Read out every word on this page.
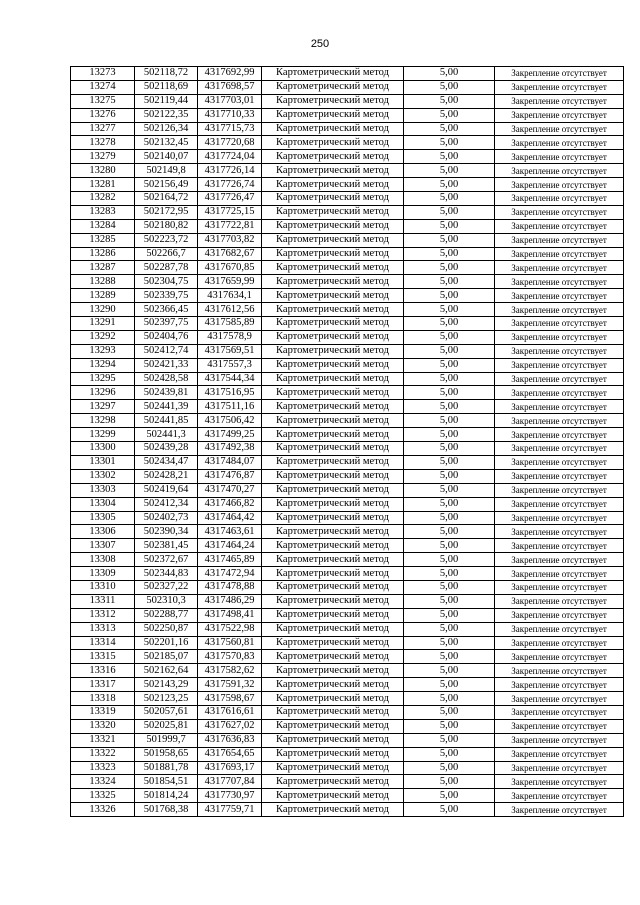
250
13273	502118,72	4317692,99	Картометрический метод	5,00	Закрепление отсутствует
13274	502118,69	4317698,57	Картометрический метод	5,00	Закрепление отсутствует
13275	502119,44	4317703,01	Картометрический метод	5,00	Закрепление отсутствует
13276	502122,35	4317710,33	Картометрический метод	5,00	Закрепление отсутствует
13277	502126,34	4317715,73	Картометрический метод	5,00	Закрепление отсутствует
13278	502132,45	4317720,68	Картометрический метод	5,00	Закрепление отсутствует
13279	502140,07	4317724,04	Картометрический метод	5,00	Закрепление отсутствует
13280	502149,8	4317726,14	Картометрический метод	5,00	Закрепление отсутствует
13281	502156,49	4317726,74	Картометрический метод	5,00	Закрепление отсутствует
13282	502164,72	4317726,47	Картометрический метод	5,00	Закрепление отсутствует
13283	502172,95	4317725,15	Картометрический метод	5,00	Закрепление отсутствует
13284	502180,82	4317722,81	Картометрический метод	5,00	Закрепление отсутствует
13285	502223,72	4317703,82	Картометрический метод	5,00	Закрепление отсутствует
13286	502266,7	4317682,67	Картометрический метод	5,00	Закрепление отсутствует
13287	502287,78	4317670,85	Картометрический метод	5,00	Закрепление отсутствует
13288	502304,75	4317659,99	Картометрический метод	5,00	Закрепление отсутствует
13289	502339,75	4317634,1	Картометрический метод	5,00	Закрепление отсутствует
13290	502366,45	4317612,56	Картометрический метод	5,00	Закрепление отсутствует
13291	502397,75	4317585,89	Картометрический метод	5,00	Закрепление отсутствует
13292	502404,76	4317578,9	Картометрический метод	5,00	Закрепление отсутствует
13293	502412,74	4317569,51	Картометрический метод	5,00	Закрепление отсутствует
13294	502421,33	4317557,3	Картометрический метод	5,00	Закрепление отсутствует
13295	502428,58	4317544,34	Картометрический метод	5,00	Закрепление отсутствует
13296	502439,81	4317516,95	Картометрический метод	5,00	Закрепление отсутствует
13297	502441,39	4317511,16	Картометрический метод	5,00	Закрепление отсутствует
13298	502441,85	4317506,42	Картометрический метод	5,00	Закрепление отсутствует
13299	502441,3	4317499,25	Картометрический метод	5,00	Закрепление отсутствует
13300	502439,28	4317492,38	Картометрический метод	5,00	Закрепление отсутствует
13301	502434,47	4317484,07	Картометрический метод	5,00	Закрепление отсутствует
13302	502428,21	4317476,87	Картометрический метод	5,00	Закрепление отсутствует
13303	502419,64	4317470,27	Картометрический метод	5,00	Закрепление отсутствует
13304	502412,34	4317466,82	Картометрический метод	5,00	Закрепление отсутствует
13305	502402,73	4317464,42	Картометрический метод	5,00	Закрепление отсутствует
13306	502390,34	4317463,61	Картометрический метод	5,00	Закрепление отсутствует
13307	502381,45	4317464,24	Картометрический метод	5,00	Закрепление отсутствует
13308	502372,67	4317465,89	Картометрический метод	5,00	Закрепление отсутствует
13309	502344,83	4317472,94	Картометрический метод	5,00	Закрепление отсутствует
13310	502327,22	4317478,88	Картометрический метод	5,00	Закрепление отсутствует
13311	502310,3	4317486,29	Картометрический метод	5,00	Закрепление отсутствует
13312	502288,77	4317498,41	Картометрический метод	5,00	Закрепление отсутствует
13313	502250,87	4317522,98	Картометрический метод	5,00	Закрепление отсутствует
13314	502201,16	4317560,81	Картометрический метод	5,00	Закрепление отсутствует
13315	502185,07	4317570,83	Картометрический метод	5,00	Закрепление отсутствует
13316	502162,64	4317582,62	Картометрический метод	5,00	Закрепление отсутствует
13317	502143,29	4317591,32	Картометрический метод	5,00	Закрепление отсутствует
13318	502123,25	4317598,67	Картометрический метод	5,00	Закрепление отсутствует
13319	502057,61	4317616,61	Картометрический метод	5,00	Закрепление отсутствует
13320	502025,81	4317627,02	Картометрический метод	5,00	Закрепление отсутствует
13321	501999,7	4317636,83	Картометрический метод	5,00	Закрепление отсутствует
13322	501958,65	4317654,65	Картометрический метод	5,00	Закрепление отсутствует
13323	501881,78	4317693,17	Картометрический метод	5,00	Закрепление отсутствует
13324	501854,51	4317707,84	Картометрический метод	5,00	Закрепление отсутствует
13325	501814,24	4317730,97	Картометрический метод	5,00	Закрепление отсутствует
13326	501768,38	4317759,71	Картометрический метод	5,00	Закрепление отсутствует
